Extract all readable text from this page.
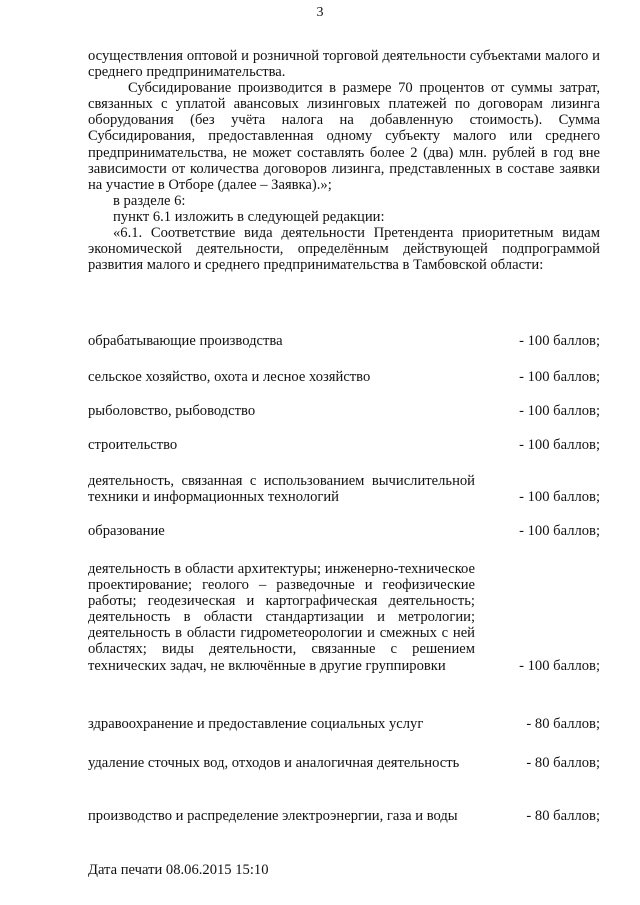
3

осуществления оптовой и розничной торговой деятельности субъектами малого и среднего предпринимательства.

Субсидирование производится в размере 70 процентов от суммы затрат, связанных с уплатой авансовых лизинговых платежей по договорам лизинга оборудования (без учёта налога на добавленную стоимость). Сумма Субсидирования, предоставленная одному субъекту малого или среднего предпринимательства, не может составлять более 2 (два) млн. рублей в год вне зависимости от количества договоров лизинга, представленных в составе заявки на участие в Отборе (далее – Заявка).»;

в разделе 6:

пункт 6.1 изложить в следующей редакции:

«6.1. Соответствие вида деятельности Претендента приоритетным видам экономической деятельности, определённым действующей подпрограммой развития малого и среднего предпринимательства в Тамбовской области:

обрабатывающие производства	- 100 баллов;
сельское хозяйство, охота и лесное хозяйство	- 100 баллов;
рыболовство, рыбоводство	- 100 баллов;
строительство	- 100 баллов;
деятельность, связанная с использованием вычислительной техники и информационных технологий	- 100 баллов;
образование	- 100 баллов;
деятельность в области архитектуры; инженерно-техническое проектирование; геолого – разведочные и геофизические работы; геодезическая и картографическая деятельность; деятельность в области стандартизации и метрологии; деятельность в области гидрометеорологии и смежных с ней областях; виды деятельности, связанные с решением технических задач, не включённые в другие группировки	- 100 баллов;
здравоохранение и предоставление социальных услуг	- 80 баллов;
удаление сточных вод, отходов и аналогичная деятельность	- 80 баллов;
производство и распределение электроэнергии, газа и воды	- 80 баллов;
Дата печати 08.06.2015 15:10
